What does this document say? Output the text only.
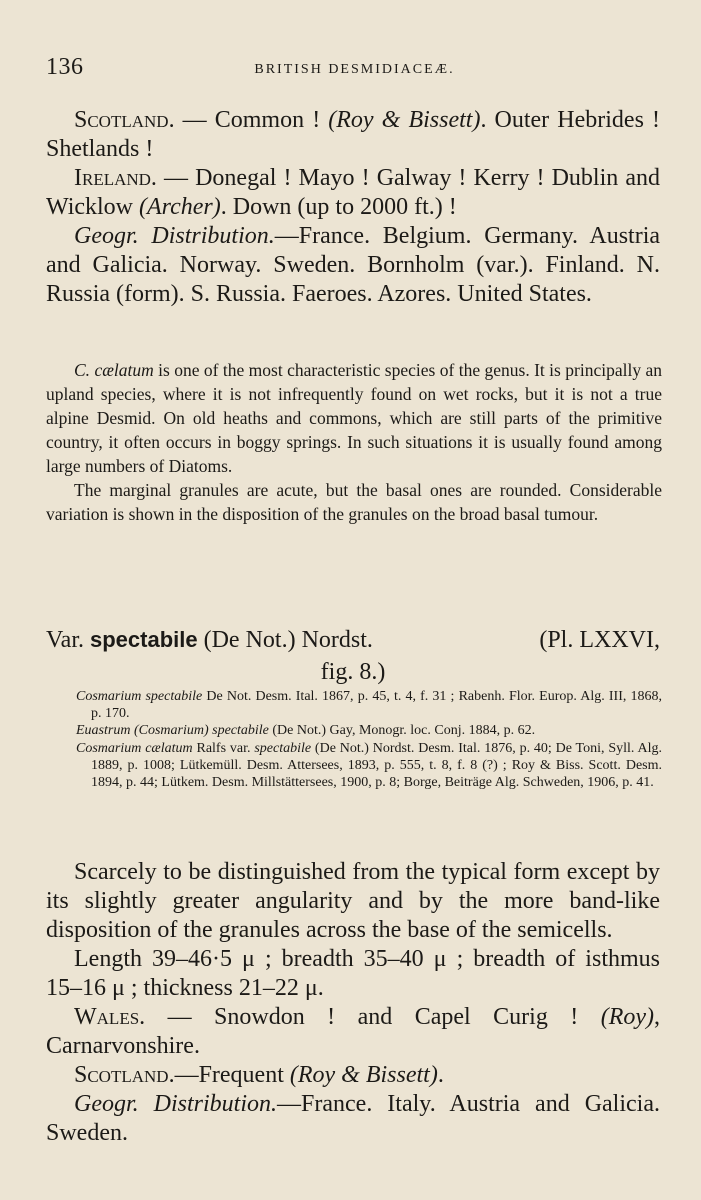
136	BRITISH DESMIDIACEÆ.

Scotland. — Common ! (Roy & Bissett). Outer Hebrides ! Shetlands !

Ireland. — Donegal ! Mayo ! Galway ! Kerry ! Dublin and Wicklow (Archer). Down (up to 2000 ft.) !

Geogr. Distribution.—France. Belgium. Germany. Austria and Galicia. Norway. Sweden. Bornholm (var.). Finland. N. Russia (form). S. Russia. Faeroes. Azores. United States.

C. cælatum is one of the most characteristic species of the genus. It is principally an upland species, where it is not infrequently found on wet rocks, but it is not a true alpine Desmid. On old heaths and commons, which are still parts of the primitive country, it often occurs in boggy springs. In such situations it is usually found among large numbers of Diatoms.

The marginal granules are acute, but the basal ones are rounded. Considerable variation is shown in the disposition of the granules on the broad basal tumour.

Var. spectabile (De Not.) Nordst.	(Pl. LXXVI,
fig. 8.)

Cosmarium spectabile De Not. Desm. Ital. 1867, p. 45, t. 4, f. 31 ; Rabenh. Flor. Europ. Alg. III, 1868, p. 170.

Euastrum (Cosmarium) spectabile (De Not.) Gay, Monogr. loc. Conj. 1884, p. 62.

Cosmarium cælatum Ralfs var. spectabile (De Not.) Nordst. Desm. Ital. 1876, p. 40; De Toni, Syll. Alg. 1889, p. 1008; Lütkemüll. Desm. Attersees, 1893, p. 555, t. 8, f. 8 (?) ; Roy & Biss. Scott. Desm. 1894, p. 44; Lütkem. Desm. Millstättersees, 1900, p. 8; Borge, Beiträge Alg. Schweden, 1906, p. 41.

Scarcely to be distinguished from the typical form except by its slightly greater angularity and by the more band-like disposition of the granules across the base of the semicells.

Length 39–46·5 μ ; breadth 35–40 μ ; breadth of isthmus 15–16 μ ; thickness 21–22 μ.

Wales. — Snowdon ! and Capel Curig ! (Roy), Carnarvonshire.

Scotland.—Frequent (Roy & Bissett).

Geogr. Distribution.—France. Italy. Austria and Galicia. Sweden.
